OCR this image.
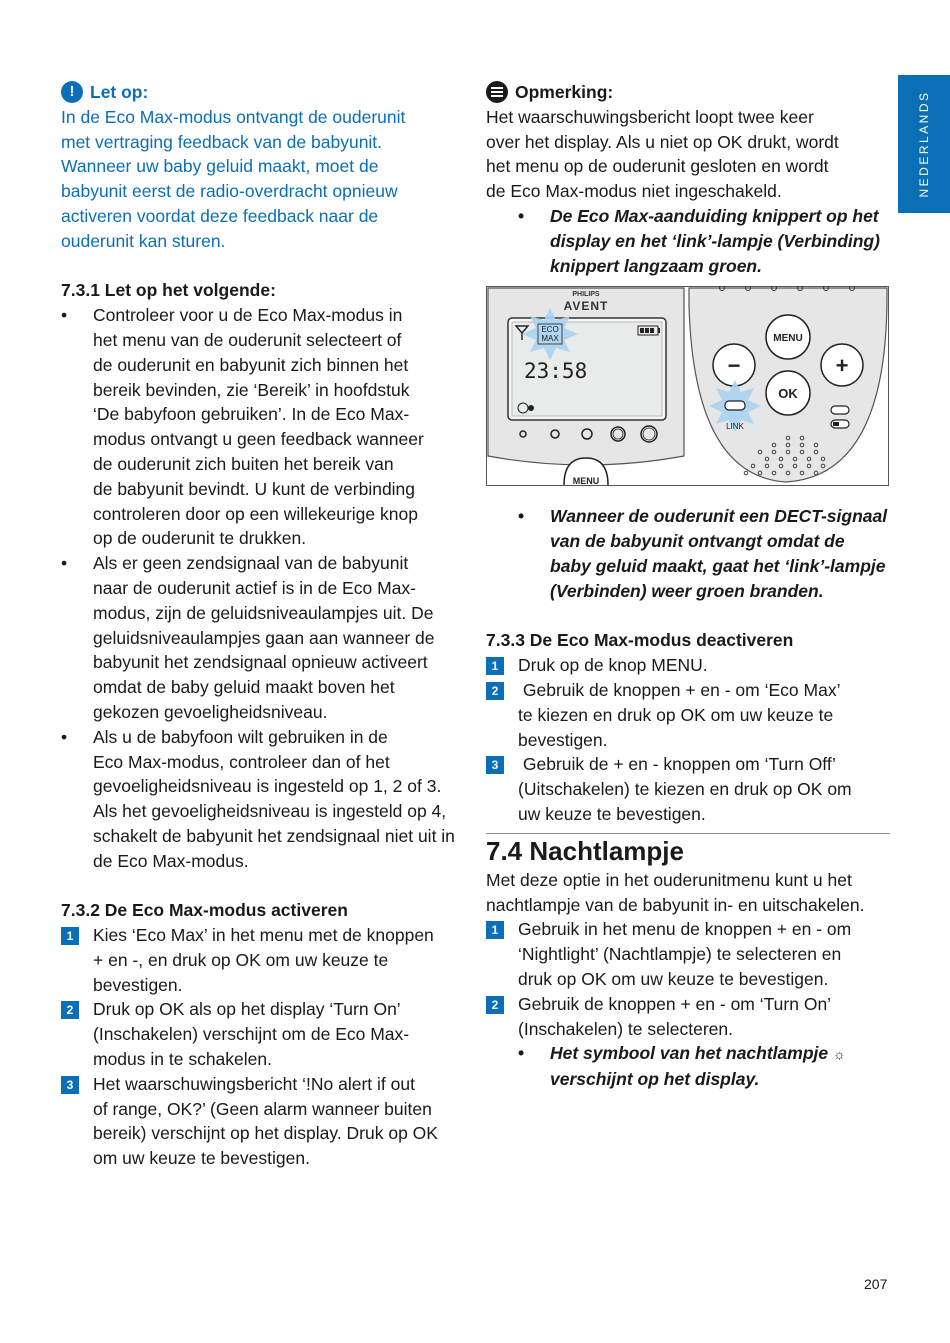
NEDERLANDS
! Let op:
In de Eco Max-modus ontvangt de ouderunit
met vertraging feedback van de babyunit.
Wanneer uw baby geluid maakt, moet de
babyunit eerst de radio-overdracht opnieuw
activeren voordat deze feedback naar de
ouderunit kan sturen.
7.3.1 Let op het volgende:
• Controleer voor u de Eco Max-modus in
het menu van de ouderunit selecteert of
de ouderunit en babyunit zich binnen het
bereik bevinden, zie ‘Bereik’ in hoofdstuk
‘De babyfoon gebruiken’. In de Eco Max-
modus ontvangt u geen feedback wanneer
de ouderunit zich buiten het bereik van
de babyunit bevindt. U kunt de verbinding
controleren door op een willekeurige knop
op de ouderunit te drukken.
• Als er geen zendsignaal van de babyunit
naar de ouderunit actief is in de Eco Max-
modus, zijn de geluidsniveaulampjes uit. De
geluidsniveaulampjes gaan aan wanneer de
babyunit het zendsignaal opnieuw activeert
omdat de baby geluid maakt boven het
gekozen gevoeligheidsniveau.
• Als u de babyfoon wilt gebruiken in de
Eco Max-modus, controleer dan of het
gevoeligheidsniveau is ingesteld op 1, 2 of 3.
Als het gevoeligheidsniveau is ingesteld op 4,
schakelt de babyunit het zendsignaal niet uit in
de Eco Max-modus.
7.3.2 De Eco Max-modus activeren
1	Kies ‘Eco Max’ in het menu met de knoppen
+ en -, en druk op OK om uw keuze te
bevestigen.
2	Druk op OK als op het display ‘Turn On’
(Inschakelen) verschijnt om de Eco Max-
modus in te schakelen.
3	Het waarschuwingsbericht ‘!No alert if out
of range, OK?’ (Geen alarm wanneer buiten
bereik) verschijnt op het display. Druk op OK
om uw keuze te bevestigen.
Opmerking:
Het waarschuwingsbericht loopt twee keer
over het display. Als u niet op OK drukt, wordt
het menu op de ouderunit gesloten en wordt
de Eco Max-modus niet ingeschakeld.
• De Eco Max-aanduiding knippert op het
display en het ‘link’-lampje (Verbinding)
knippert langzaam groen.
PHILIPS
AVENT
ECO
MAX
23:58
MENU
MENU
−	+
OK
LINK
• Wanneer de ouderunit een DECT-signaal
van de babyunit ontvangt omdat de
baby geluid maakt, gaat het ‘link’-lampje
(Verbinden) weer groen branden.
7.3.3 De Eco Max-modus deactiveren
1	Druk op de knop MENU.
2	Gebruik de knoppen + en - om ‘Eco Max’
te kiezen en druk op OK om uw keuze te
bevestigen.
3	Gebruik de + en - knoppen om ‘Turn Off’
(Uitschakelen) te kiezen en druk op OK om
uw keuze te bevestigen.
7.4 Nachtlampje
Met deze optie in het ouderunitmenu kunt u het
nachtlampje van de babyunit in- en uitschakelen.
1	Gebruik in het menu de knoppen + en - om
‘Nightlight’ (Nachtlampje) te selecteren en
druk op OK om uw keuze te bevestigen.
2	Gebruik de knoppen + en - om ‘Turn On’
(Inschakelen) te selecteren.
• Het symbool van het nachtlampje ☼
verschijnt op het display.
207
